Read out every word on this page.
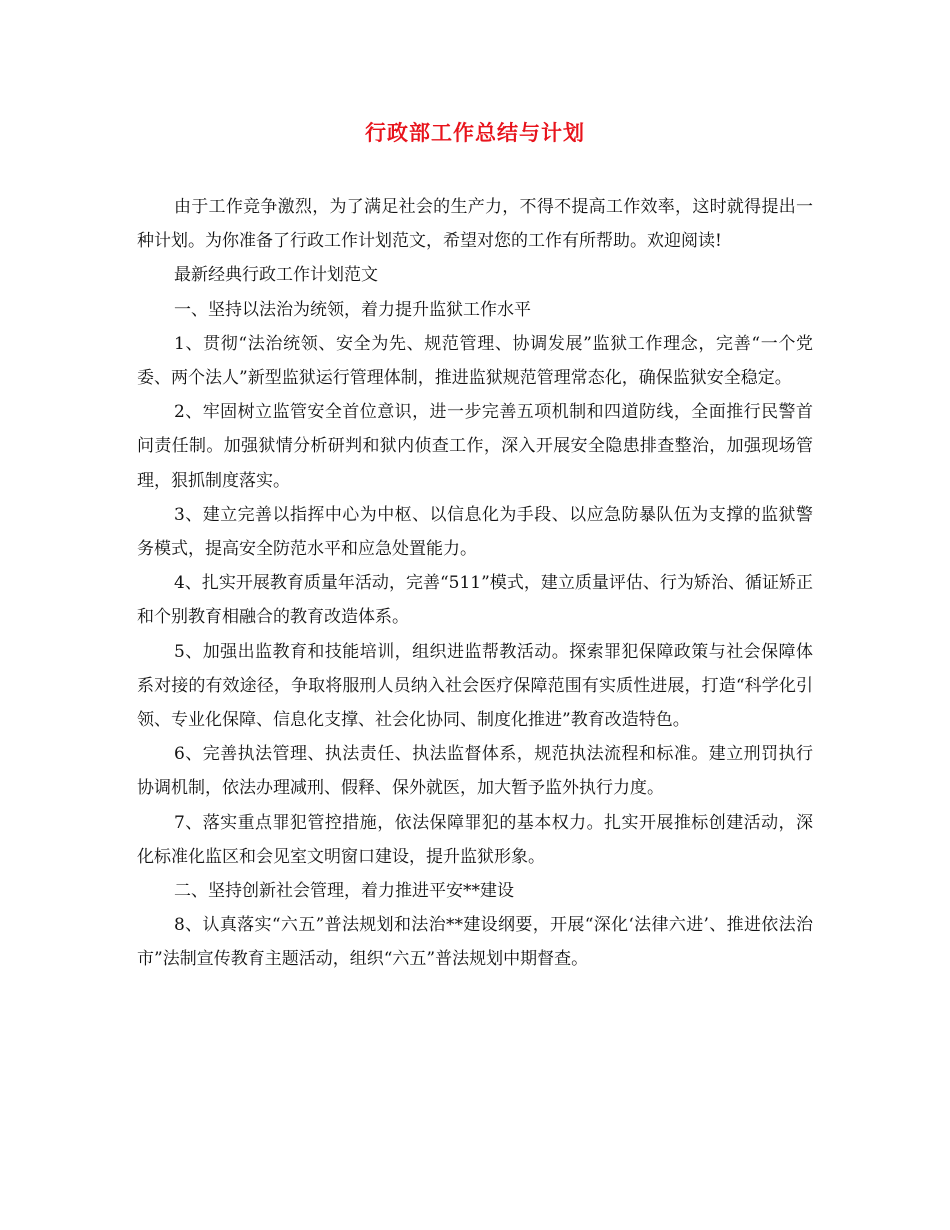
行政部工作总结与计划

由于工作竞争激烈，为了满足社会的生产力，不得不提高工作效率，这时就得提出一种计划。为你准备了行政工作计划范文，希望对您的工作有所帮助。欢迎阅读!

最新经典行政工作计划范文

一、坚持以法治为统领，着力提升监狱工作水平

1、贯彻“法治统领、安全为先、规范管理、协调发展”监狱工作理念，完善“一个党委、两个法人”新型监狱运行管理体制，推进监狱规范管理常态化，确保监狱安全稳定。

2、牢固树立监管安全首位意识，进一步完善五项机制和四道防线，全面推行民警首问责任制。加强狱情分析研判和狱内侦查工作，深入开展安全隐患排查整治，加强现场管理，狠抓制度落实。

3、建立完善以指挥中心为中枢、以信息化为手段、以应急防暴队伍为支撑的监狱警务模式，提高安全防范水平和应急处置能力。

4、扎实开展教育质量年活动，完善“511”模式，建立质量评估、行为矫治、循证矫正和个别教育相融合的教育改造体系。

5、加强出监教育和技能培训，组织进监帮教活动。探索罪犯保障政策与社会保障体系对接的有效途径，争取将服刑人员纳入社会医疗保障范围有实质性进展，打造“科学化引领、专业化保障、信息化支撑、社会化协同、制度化推进”教育改造特色。

6、完善执法管理、执法责任、执法监督体系，规范执法流程和标准。建立刑罚执行协调机制，依法办理减刑、假释、保外就医，加大暂予监外执行力度。

7、落实重点罪犯管控措施，依法保障罪犯的基本权力。扎实开展推标创建活动，深化标准化监区和会见室文明窗口建设，提升监狱形象。

二、坚持创新社会管理，着力推进平安**建设

8、认真落实“六五”普法规划和法治**建设纲要，开展“深化‘法律六进’、推进依法治市”法制宣传教育主题活动，组织“六五”普法规划中期督查。
